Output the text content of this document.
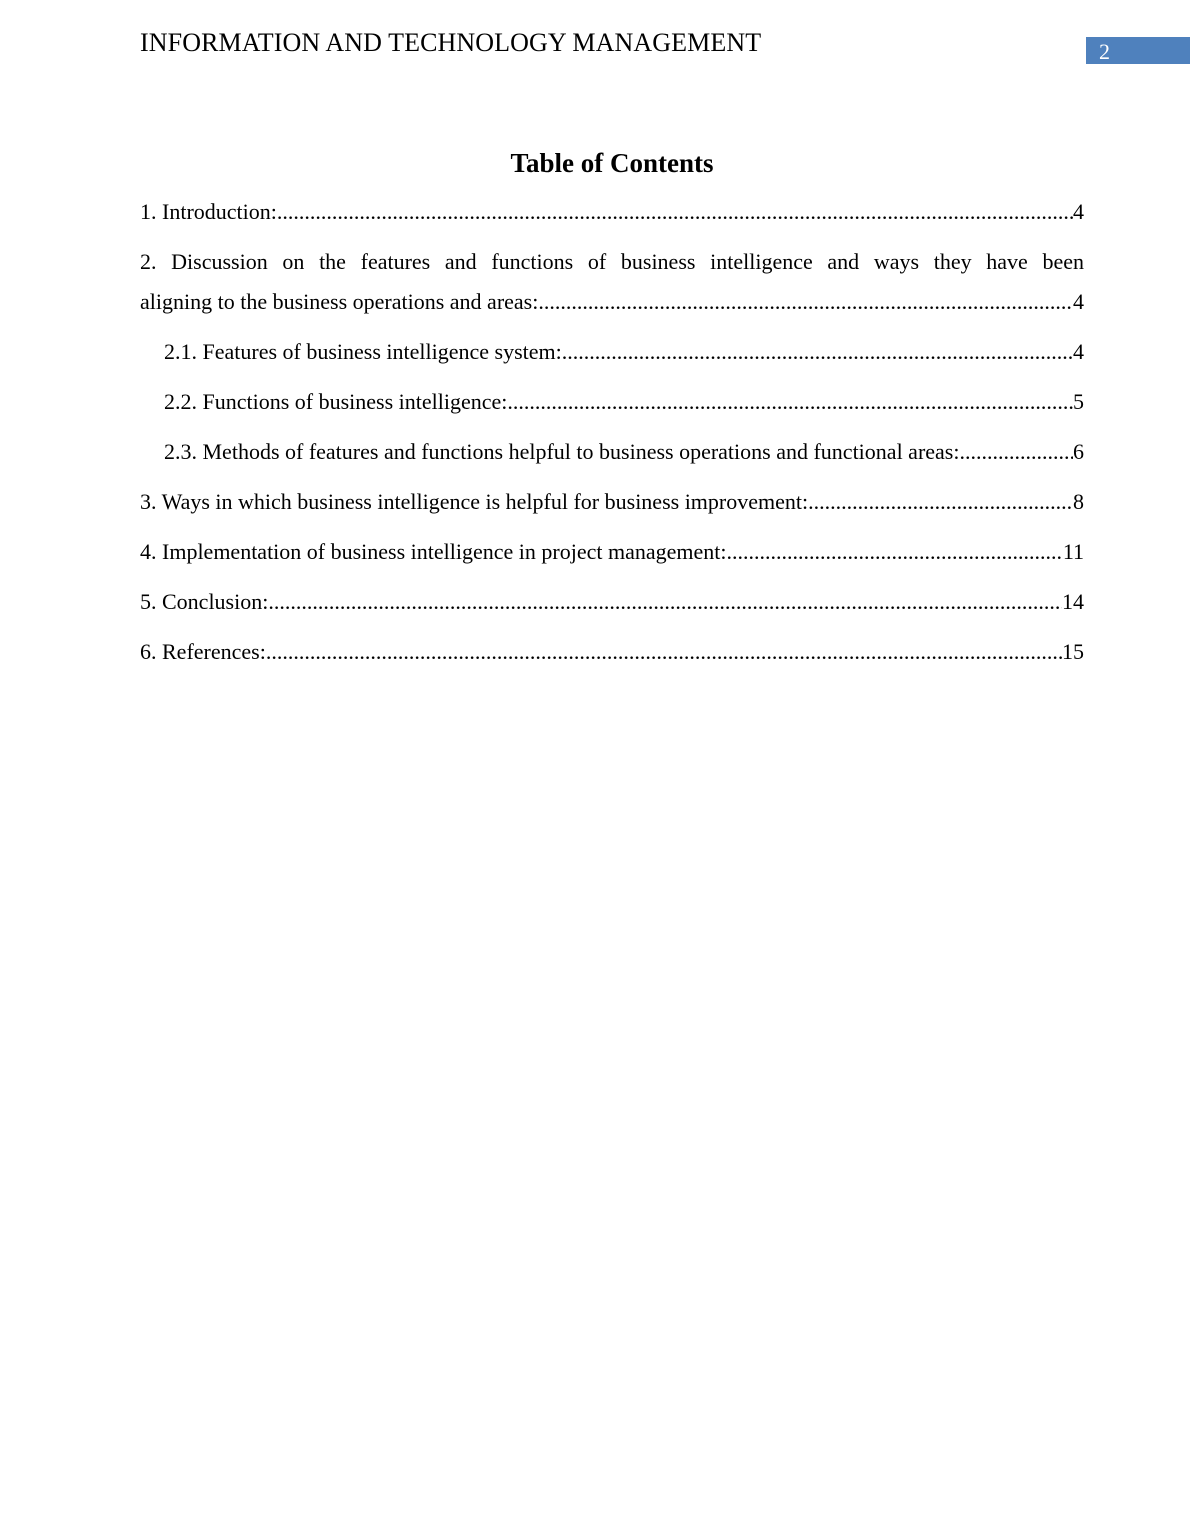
INFORMATION AND TECHNOLOGY MANAGEMENT	2
Table of Contents
1. Introduction: .....	4
2. Discussion on the features and functions of business intelligence and ways they have been
aligning to the business operations and areas: .....	4
2.1. Features of business intelligence system: .....	4
2.2. Functions of business intelligence: .....	5
2.3. Methods of features and functions helpful to business operations and functional areas: .....	6
3. Ways in which business intelligence is helpful for business improvement: .....	8
4. Implementation of business intelligence in project management: .....	11
5. Conclusion: .....	14
6. References: .....	15
